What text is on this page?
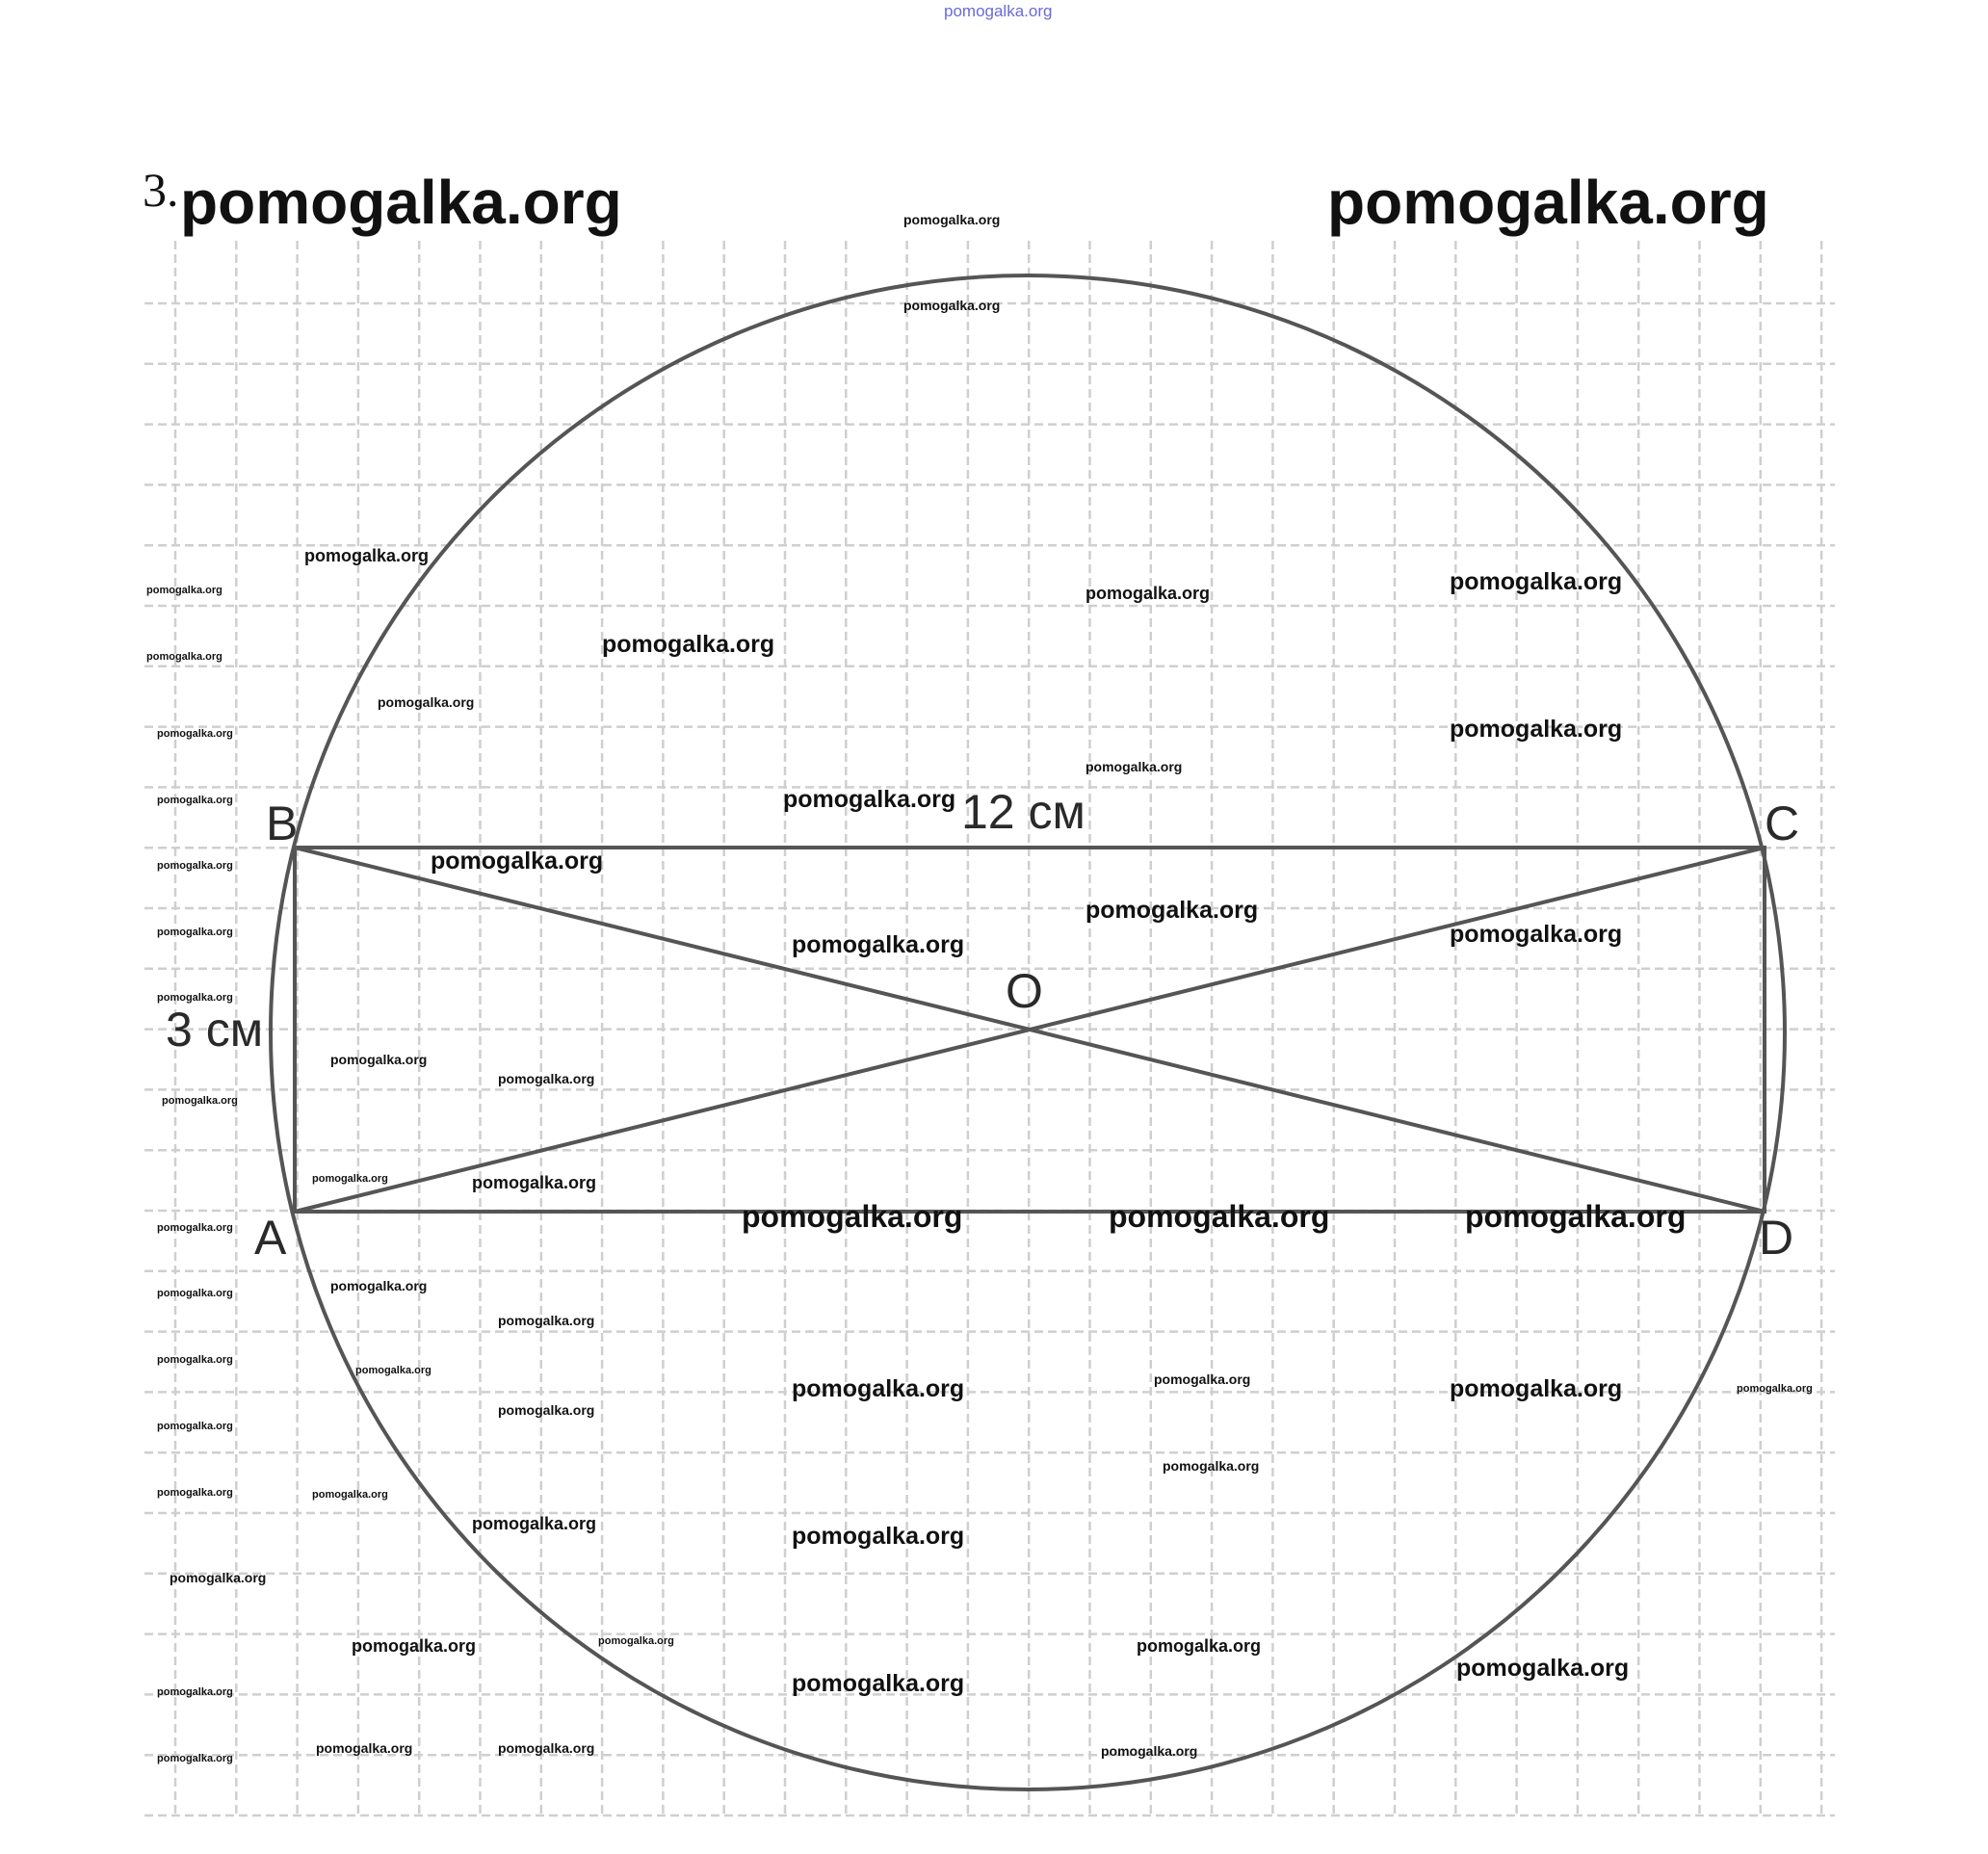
pomogalka.org
3.
B	C
A	D
O
12 см
3 см
pomogalka.org	pomogalka.org
pomogalka.org
pomogalka.org
pomogalka.org
pomogalka.org
pomogalka.org
pomogalka.org
pomogalka.org
pomogalka.org	pomogalka.org
pomogalka.org	pomogalka.org
pomogalka.org
pomogalka.org	pomogalka.org
pomogalka.org
pomogalka.org
pomogalka.org
pomogalka.org	pomogalka.org	pomogalka.org
pomogalka.org
pomogalka.org
pomogalka.org
pomogalka.org
pomogalka.org	pomogalka.org
pomogalka.org	pomogalka.org	pomogalka.org
pomogalka.org
pomogalka.org
pomogalka.org
pomogalka.org
pomogalka.org
pomogalka.org
pomogalka.org
pomogalka.org	pomogalka.org	pomogalka.org	pomogalka.org
pomogalka.org
pomogalka.org
pomogalka.org
pomogalka.org
pomogalka.org	pomogalka.org
pomogalka.org
pomogalka.org	pomogalka.org	pomogalka.org
pomogalka.org
pomogalka.org	pomogalka.org
pomogalka.org	pomogalka.org	pomogalka.org
pomogalka.org
